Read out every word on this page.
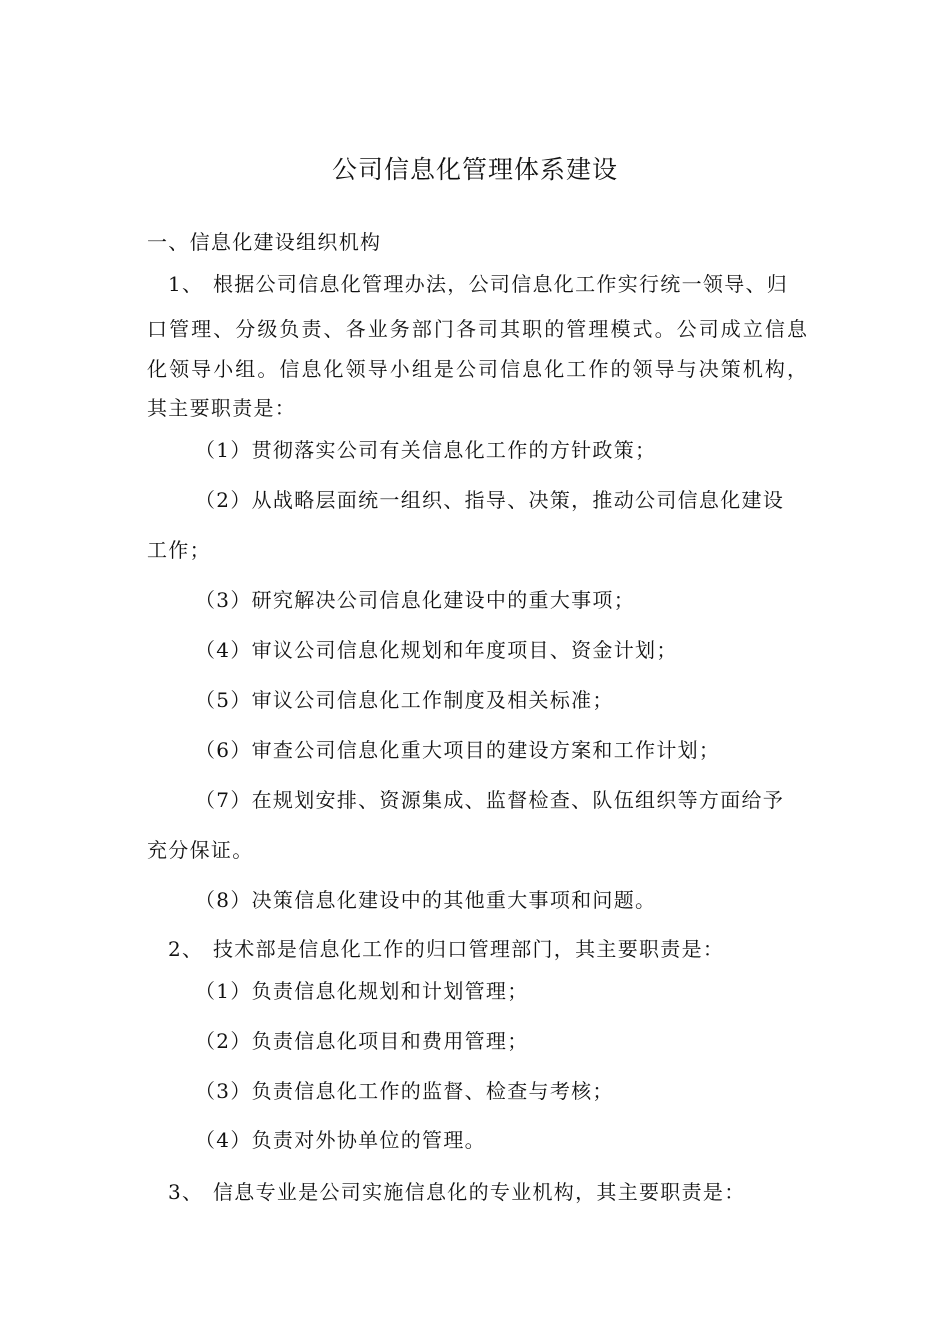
公司信息化管理体系建设
一、信息化建设组织机构
1、 根据公司信息化管理办法，公司信息化工作实行统一领导、归
口管理、分级负责、各业务部门各司其职的管理模式。公司成立信息
化领导小组。信息化领导小组是公司信息化工作的领导与决策机构，
其主要职责是：
（1）贯彻落实公司有关信息化工作的方针政策；
（2）从战略层面统一组织、指导、决策，推动公司信息化建设
工作；
（3）研究解决公司信息化建设中的重大事项；
（4）审议公司信息化规划和年度项目、资金计划；
（5）审议公司信息化工作制度及相关标准；
（6）审查公司信息化重大项目的建设方案和工作计划；
（7）在规划安排、资源集成、监督检查、队伍组织等方面给予
充分保证。
（8）决策信息化建设中的其他重大事项和问题。
2、 技术部是信息化工作的归口管理部门，其主要职责是：
（1）负责信息化规划和计划管理；
（2）负责信息化项目和费用管理；
（3）负责信息化工作的监督、检查与考核；
（4）负责对外协单位的管理。
3、 信息专业是公司实施信息化的专业机构，其主要职责是：
